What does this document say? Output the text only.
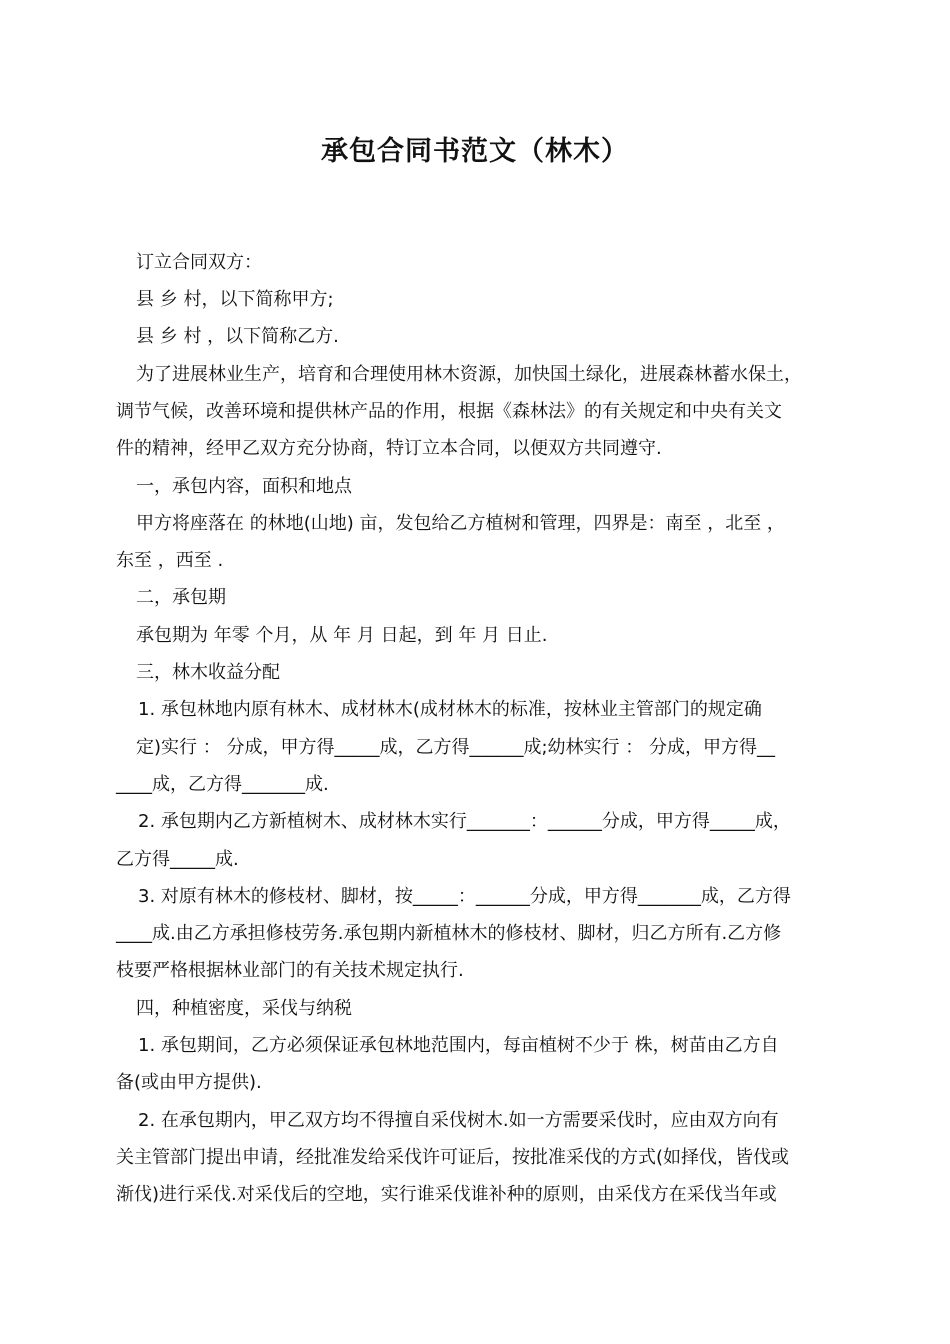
承包合同书范文（林木）
订立合同双方：
县 乡 村，以下简称甲方;
县 乡 村 ，以下简称乙方.
为了进展林业生产，培育和合理使用林木资源，加快国土绿化，进展森林蓄水保土，
调节气候，改善环境和提供林产品的作用，根据《森林法》的有关规定和中央有关文
件的精神，经甲乙双方充分协商，特订立本合同，以便双方共同遵守.
一，承包内容，面积和地点
甲方将座落在 的林地(山地) 亩，发包给乙方植树和管理，四界是：南至 ，北至 ，
东至 ，西至 .
二，承包期
承包期为 年零 个月，从 年 月 日起，到 年 月 日止.
三，林木收益分配
1. 承包林地内原有林木、成材林木(成材林木的标准，按林业主管部门的规定确
定)实行 ： 分成，甲方得_____成，乙方得______成;幼林实行 ： 分成，甲方得__
____成，乙方得_______成.
2. 承包期内乙方新植树木、成材林木实行_______：______分成，甲方得_____成，
乙方得_____成.
3. 对原有林木的修枝材、脚材，按_____：______分成，甲方得_______成，乙方得
____成.由乙方承担修枝劳务.承包期内新植林木的修枝材、脚材，归乙方所有.乙方修
枝要严格根据林业部门的有关技术规定执行.
四，种植密度，采伐与纳税
1. 承包期间，乙方必须保证承包林地范围内，每亩植树不少于 株，树苗由乙方自
备(或由甲方提供).
2. 在承包期内，甲乙双方均不得擅自采伐树木.如一方需要采伐时，应由双方向有
关主管部门提出申请，经批准发给采伐许可证后，按批准采伐的方式(如择伐，皆伐或
渐伐)进行采伐.对采伐后的空地，实行谁采伐谁补种的原则，由采伐方在采伐当年或
